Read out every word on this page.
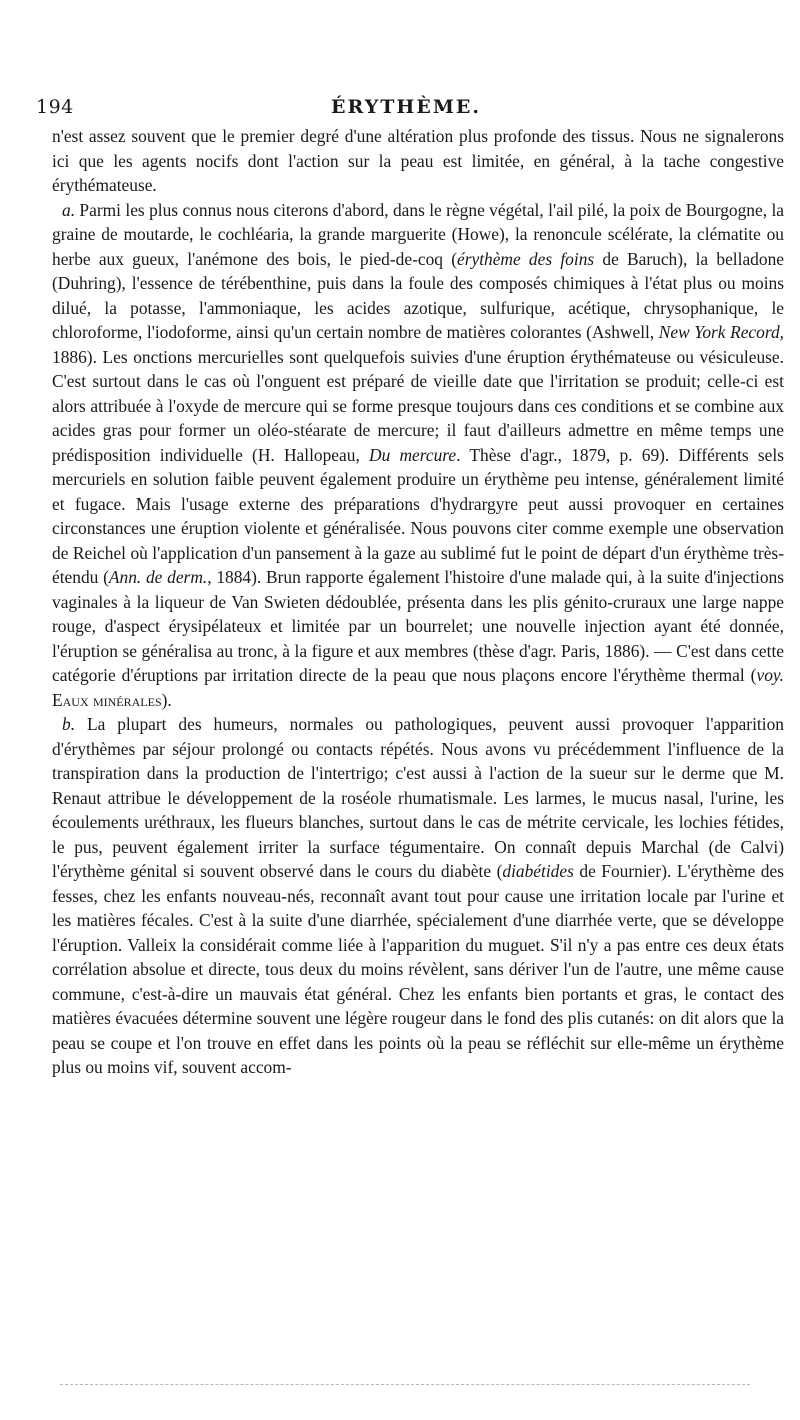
194	ÉRYTHÈME.

n'est assez souvent que le premier degré d'une altération plus profonde des tissus. Nous ne signalerons ici que les agents nocifs dont l'action sur la peau est limitée, en général, à la tache congestive érythémateuse.

a. Parmi les plus connus nous citerons d'abord, dans le règne végétal, l'ail pilé, la poix de Bourgogne, la graine de moutarde, le cochléaria, la grande marguerite (Howe), la renoncule scélérate, la clématite ou herbe aux gueux, l'anémone des bois, le pied-de-coq (érythème des foins de Baruch), la belladone (Duhring), l'essence de térébenthine, puis dans la foule des composés chimiques à l'état plus ou moins dilué, la potasse, l'ammoniaque, les acides azotique, sulfurique, acétique, chrysophanique, le chloroforme, l'iodoforme, ainsi qu'un certain nombre de matières colorantes (Ashwell, New York Record, 1886). Les onctions mercurielles sont quelquefois suivies d'une éruption érythémateuse ou vésiculeuse. C'est surtout dans le cas où l'onguent est préparé de vieille date que l'irritation se produit; celle-ci est alors attribuée à l'oxyde de mercure qui se forme presque toujours dans ces conditions et se combine aux acides gras pour former un oléo-stéarate de mercure; il faut d'ailleurs admettre en même temps une prédisposition individuelle (H. Hallopeau, Du mercure. Thèse d'agr., 1879, p. 69). Différents sels mercuriels en solution faible peuvent également produire un érythème peu intense, généralement limité et fugace. Mais l'usage externe des préparations d'hydrargyre peut aussi provoquer en certaines circonstances une éruption violente et généralisée. Nous pouvons citer comme exemple une observation de Reichel où l'application d'un pansement à la gaze au sublimé fut le point de départ d'un érythème très-étendu (Ann. de derm., 1884). Brun rapporte également l'histoire d'une malade qui, à la suite d'injections vaginales à la liqueur de Van Swieten dédoublée, présenta dans les plis génito-cruraux une large nappe rouge, d'aspect érysipélateux et limitée par un bourrelet; une nouvelle injection ayant été donnée, l'éruption se généralisa au tronc, à la figure et aux membres (thèse d'agr. Paris, 1886). — C'est dans cette catégorie d'éruptions par irritation directe de la peau que nous plaçons encore l'érythème thermal (voy. Eaux minérales).

b. La plupart des humeurs, normales ou pathologiques, peuvent aussi provoquer l'apparition d'érythèmes par séjour prolongé ou contacts répétés. Nous avons vu précédemment l'influence de la transpiration dans la production de l'intertrigo; c'est aussi à l'action de la sueur sur le derme que M. Renaut attribue le développement de la roséole rhumatismale. Les larmes, le mucus nasal, l'urine, les écoulements uréthraux, les flueurs blanches, surtout dans le cas de métrite cervicale, les lochies fétides, le pus, peuvent également irriter la surface tégumentaire. On connaît depuis Marchal (de Calvi) l'érythème génital si souvent observé dans le cours du diabète (diabétides de Fournier). L'érythème des fesses, chez les enfants nouveau-nés, reconnaît avant tout pour cause une irritation locale par l'urine et les matières fécales. C'est à la suite d'une diarrhée, spécialement d'une diarrhée verte, que se développe l'éruption. Valleix la considérait comme liée à l'apparition du muguet. S'il n'y a pas entre ces deux états corrélation absolue et directe, tous deux du moins révèlent, sans dériver l'un de l'autre, une même cause commune, c'est-à-dire un mauvais état général. Chez les enfants bien portants et gras, le contact des matières évacuées détermine souvent une légère rougeur dans le fond des plis cutanés: on dit alors que la peau se coupe et l'on trouve en effet dans les points où la peau se réfléchit sur elle-même un érythème plus ou moins vif, souvent accom-
